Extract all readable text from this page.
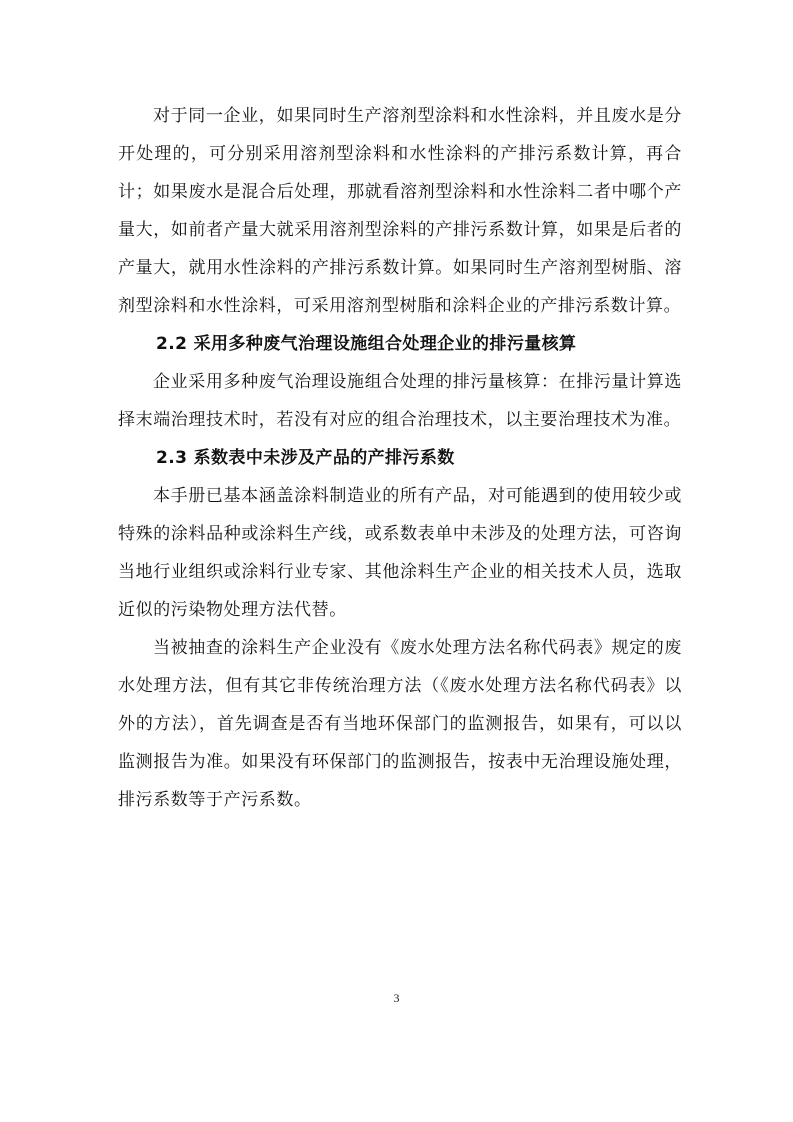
对于同一企业，如果同时生产溶剂型涂料和水性涂料，并且废水是分开处理的，可分别采用溶剂型涂料和水性涂料的产排污系数计算，再合计；如果废水是混合后处理，那就看溶剂型涂料和水性涂料二者中哪个产量大，如前者产量大就采用溶剂型涂料的产排污系数计算，如果是后者的产量大，就用水性涂料的产排污系数计算。如果同时生产溶剂型树脂、溶剂型涂料和水性涂料，可采用溶剂型树脂和涂料企业的产排污系数计算。

2.2 采用多种废气治理设施组合处理企业的排污量核算

企业采用多种废气治理设施组合处理的排污量核算：在排污量计算选择末端治理技术时，若没有对应的组合治理技术，以主要治理技术为准。

2.3 系数表中未涉及产品的产排污系数

本手册已基本涵盖涂料制造业的所有产品，对可能遇到的使用较少或特殊的涂料品种或涂料生产线，或系数表单中未涉及的处理方法，可咨询当地行业组织或涂料行业专家、其他涂料生产企业的相关技术人员，选取近似的污染物处理方法代替。

当被抽查的涂料生产企业没有《废水处理方法名称代码表》规定的废水处理方法，但有其它非传统治理方法（《废水处理方法名称代码表》以外的方法），首先调查是否有当地环保部门的监测报告，如果有，可以以监测报告为准。如果没有环保部门的监测报告，按表中无治理设施处理，排污系数等于产污系数。

3
